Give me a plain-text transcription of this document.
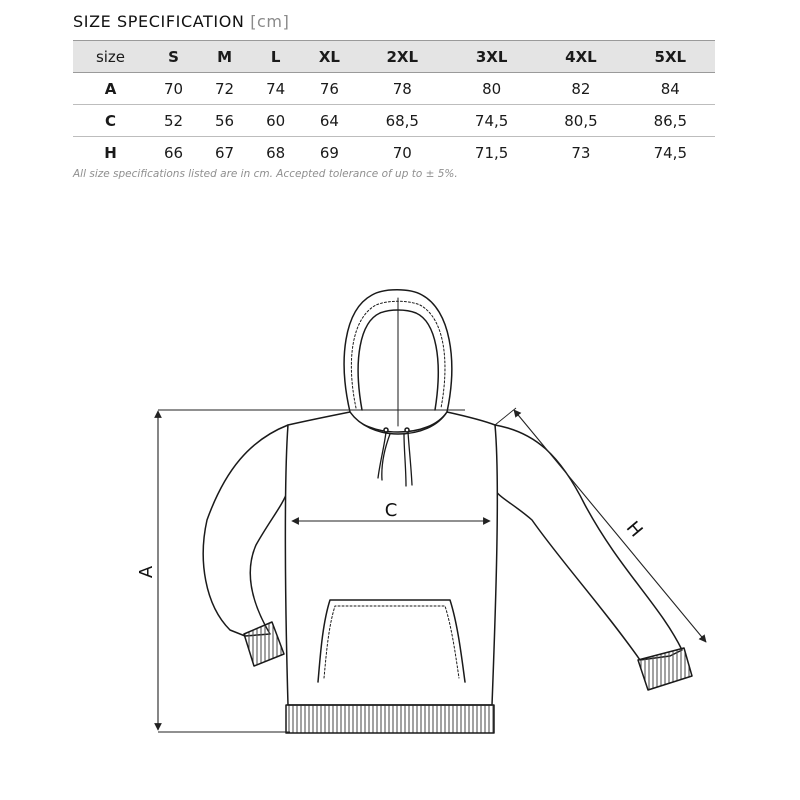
SIZE SPECIFICATION [cm]
size	S	M	L	XL	2XL	3XL	4XL	5XL
A	70	72	74	76	78	80	82	84
C	52	56	60	64	68,5	74,5	80,5	86,5
H	66	67	68	69	70	71,5	73	74,5
All size specifications listed are in cm. Accepted tolerance of up to ± 5%.
A
C
H
